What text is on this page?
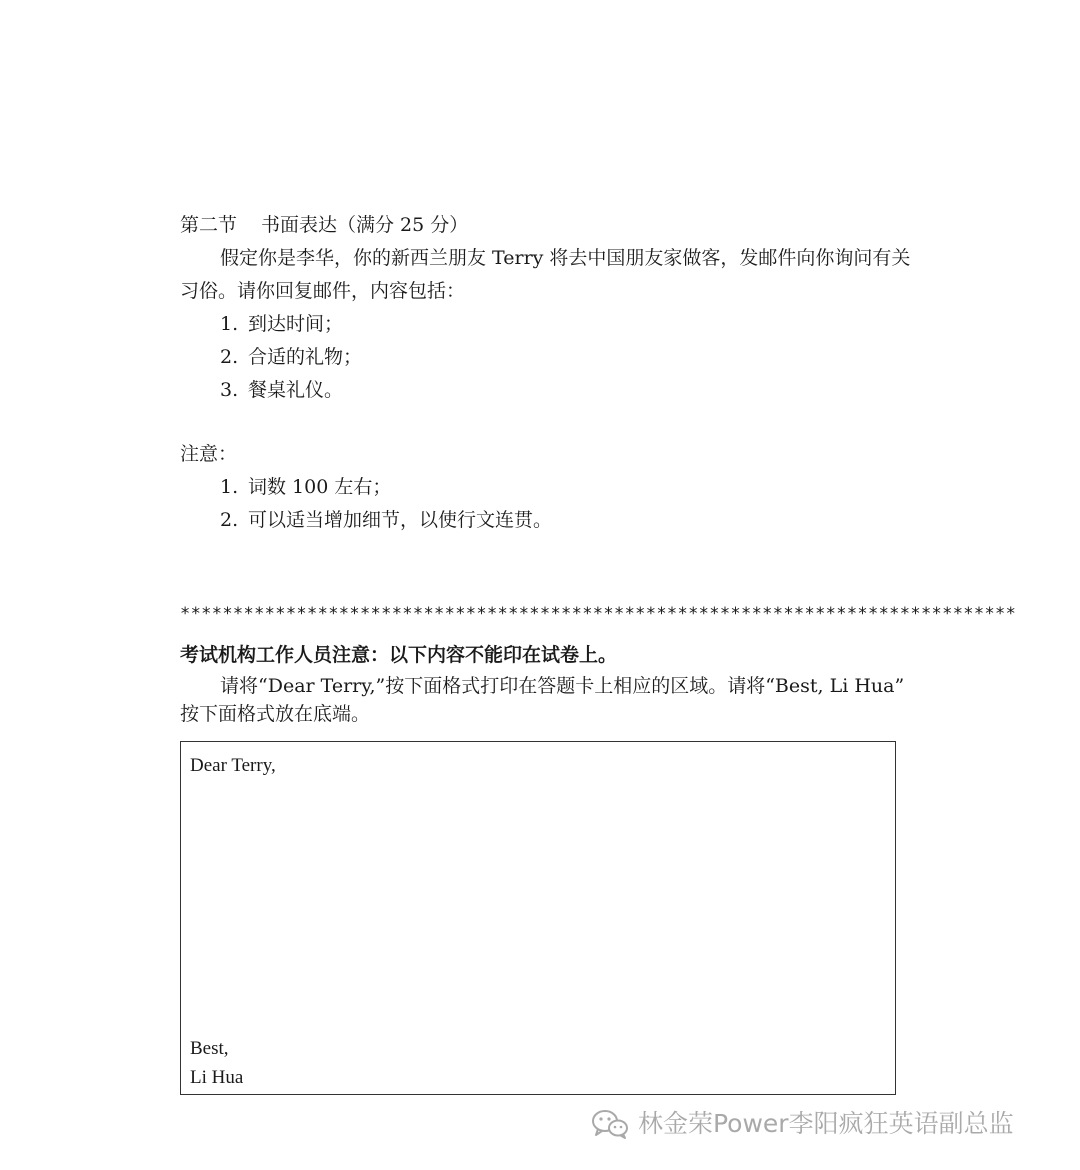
第二节 书面表达（满分 25 分）
假定你是李华，你的新西兰朋友 Terry 将去中国朋友家做客，发邮件向你询问有关
习俗。请你回复邮件，内容包括：
1. 到达时间；
2. 合适的礼物；
3. 餐桌礼仪。
注意：
1. 词数 100 左右；
2. 可以适当增加细节，以使行文连贯。
*******************************************************************************
考试机构工作人员注意：以下内容不能印在试卷上。
请将“Dear Terry,”按下面格式打印在答题卡上相应的区域。请将“Best, Li Hua”
按下面格式放在底端。
Dear Terry,
Best,
Li Hua
林金荣Power李阳疯狂英语副总监
